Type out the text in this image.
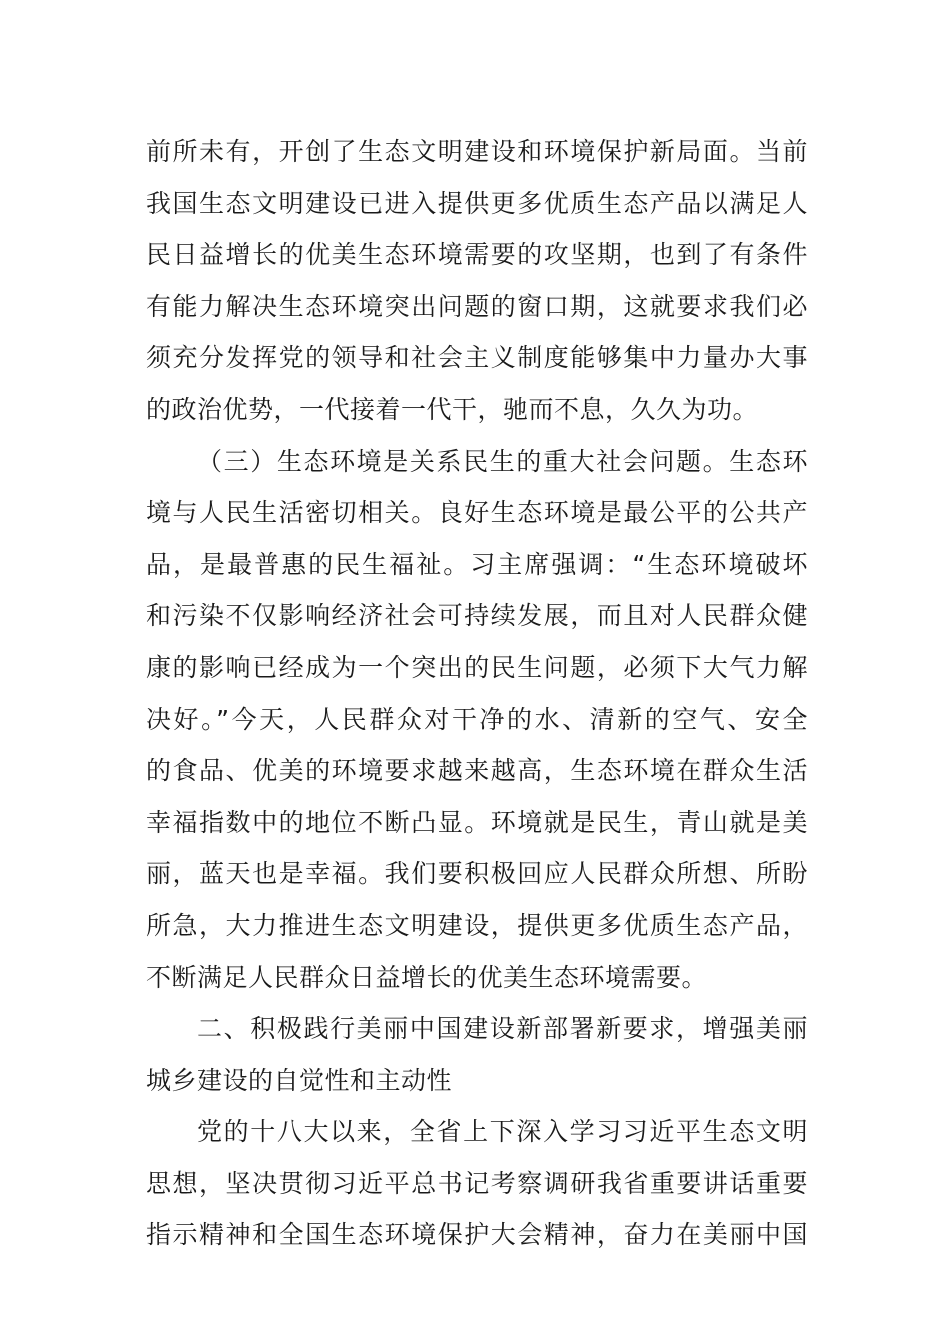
前所未有，开创了生态文明建设和环境保护新局面。当前
我国生态文明建设已进入提供更多优质生态产品以满足人
民日益增长的优美生态环境需要的攻坚期，也到了有条件
有能力解决生态环境突出问题的窗口期，这就要求我们必
须充分发挥党的领导和社会主义制度能够集中力量办大事
的政治优势，一代接着一代干，驰而不息，久久为功。
（三）生态环境是关系民生的重大社会问题。生态环
境与人民生活密切相关。良好生态环境是最公平的公共产
品，是最普惠的民生福祉。习主席强调：“生态环境破坏
和污染不仅影响经济社会可持续发展，而且对人民群众健
康的影响已经成为一个突出的民生问题，必须下大气力解
决好。”今天，人民群众对干净的水、清新的空气、安全
的食品、优美的环境要求越来越高，生态环境在群众生活
幸福指数中的地位不断凸显。环境就是民生，青山就是美
丽，蓝天也是幸福。我们要积极回应人民群众所想、所盼
所急，大力推进生态文明建设，提供更多优质生态产品，
不断满足人民群众日益增长的优美生态环境需要。
二、积极践行美丽中国建设新部署新要求，增强美丽
城乡建设的自觉性和主动性
党的十八大以来，全省上下深入学习习近平生态文明
思想，坚决贯彻习近平总书记考察调研我省重要讲话重要
指示精神和全国生态环境保护大会精神，奋力在美丽中国
